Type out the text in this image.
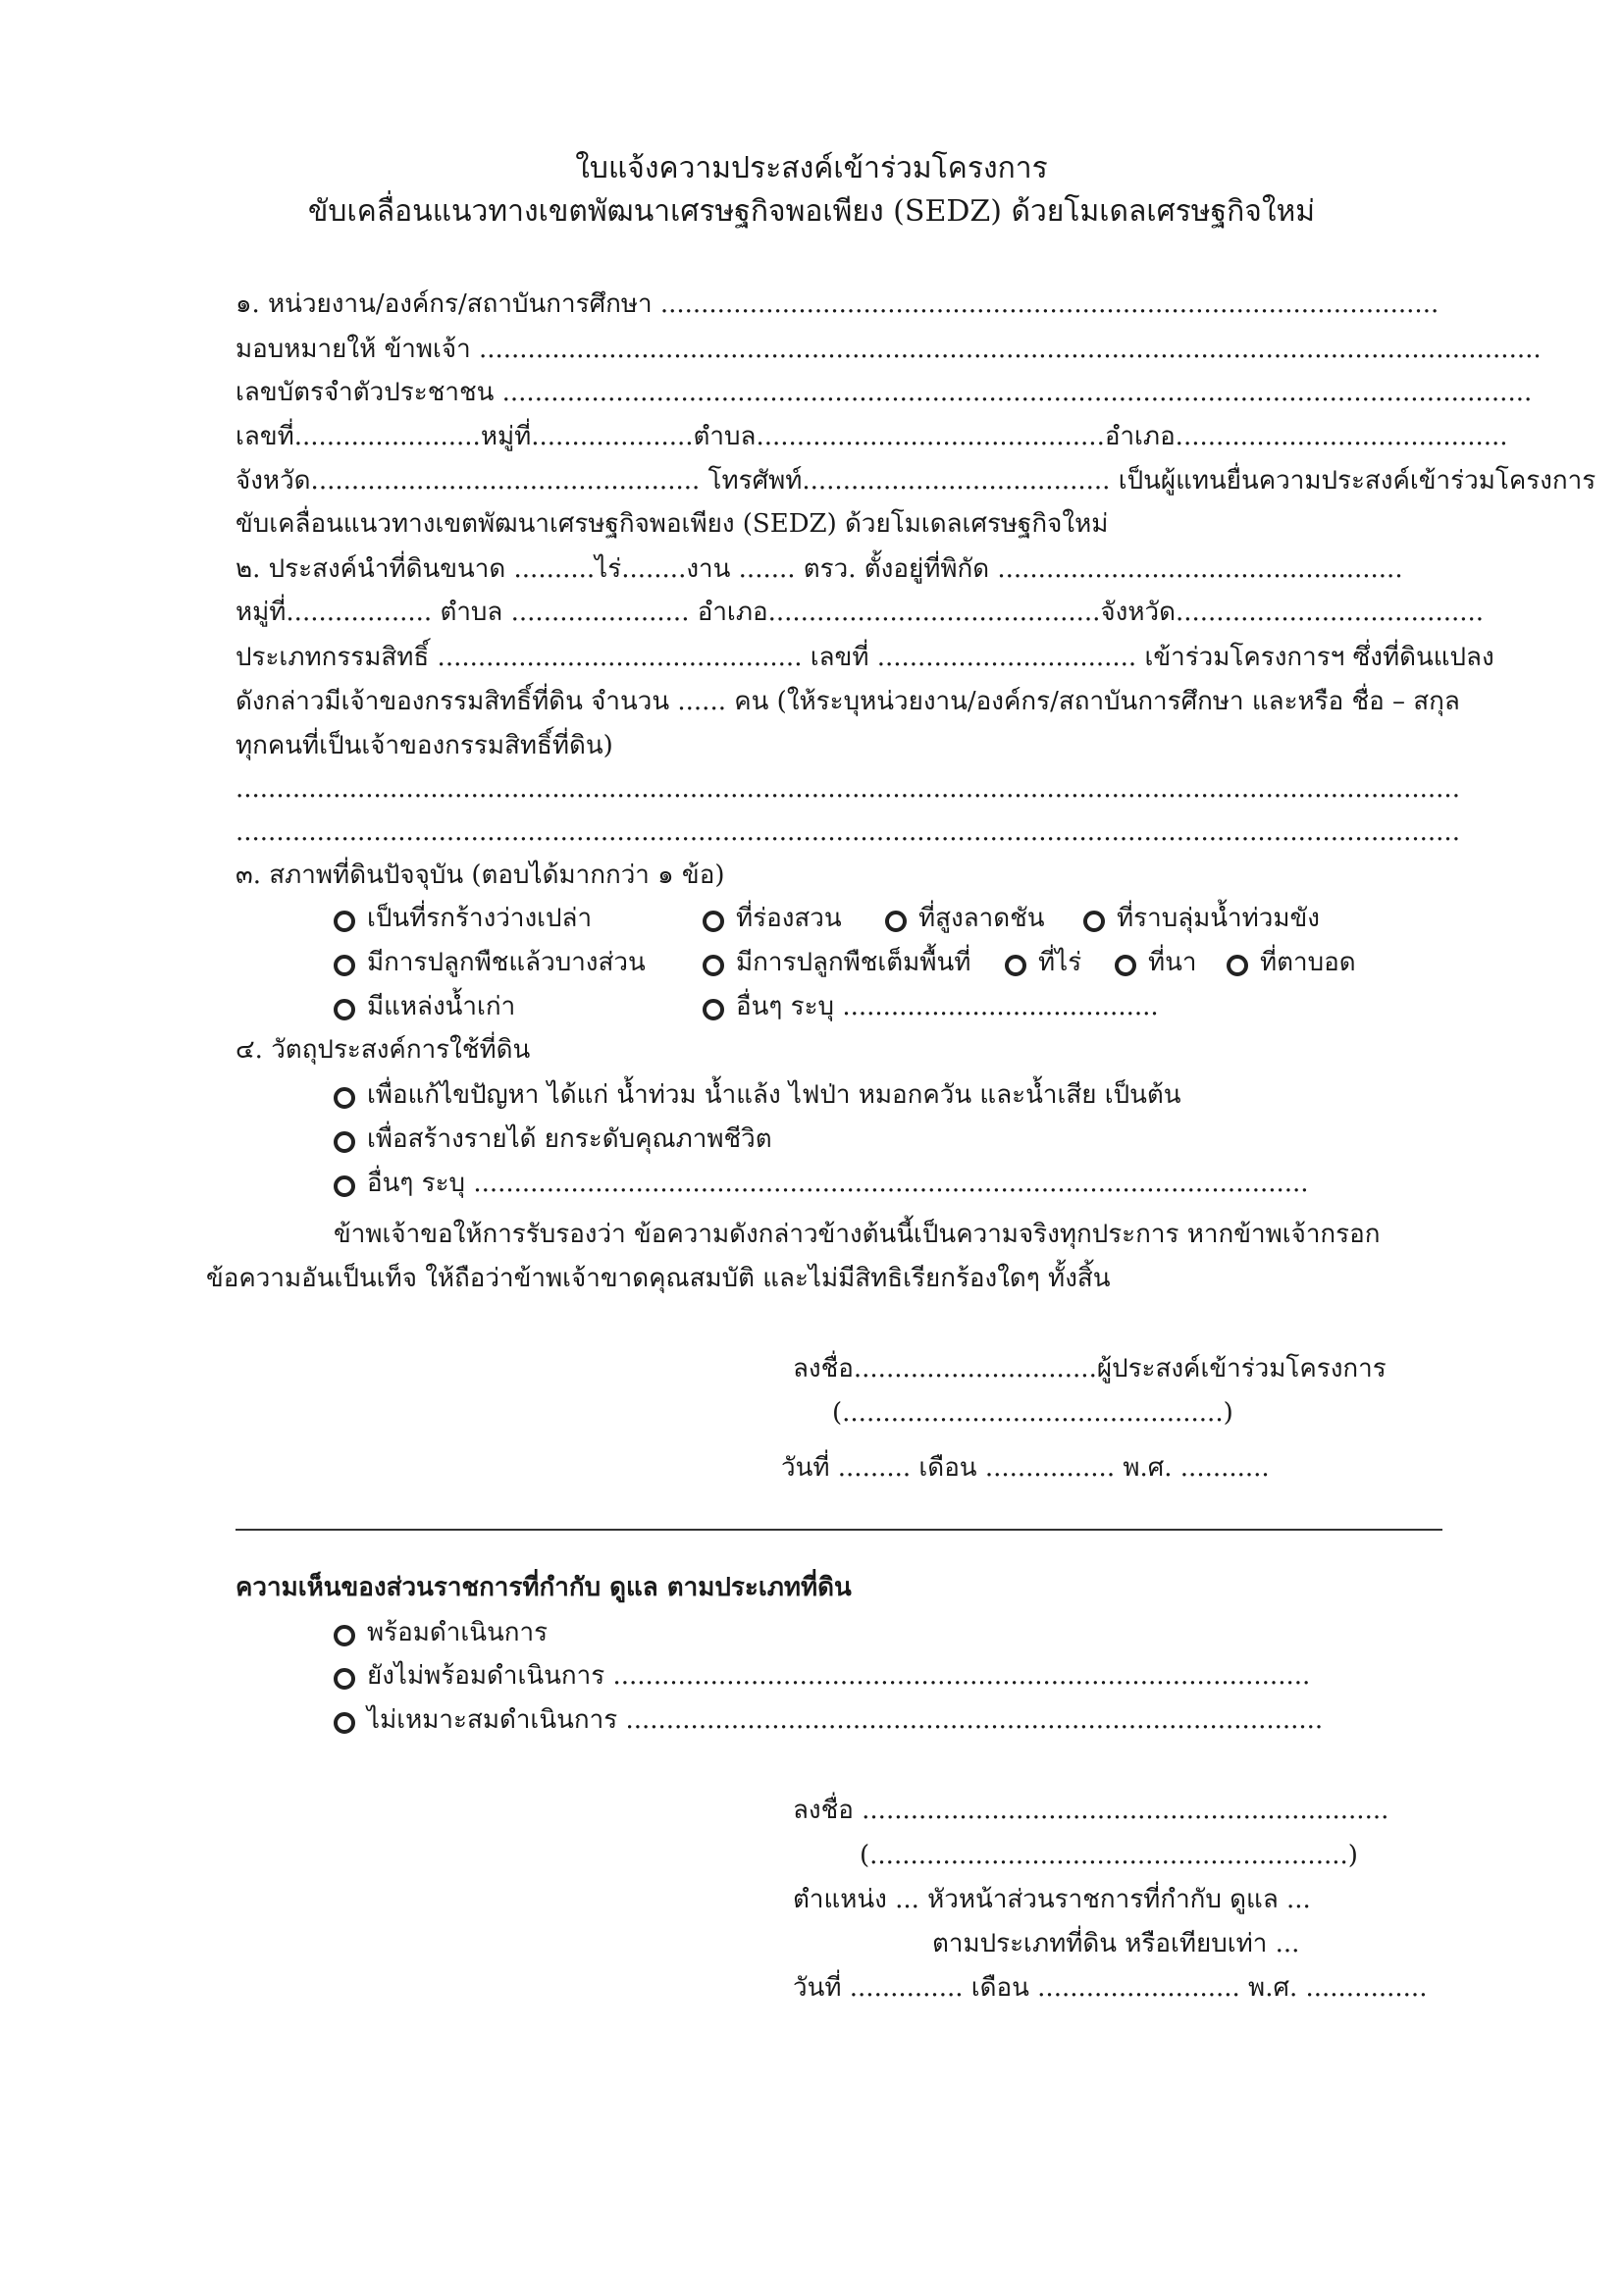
ใบแจ้งความประสงค์เข้าร่วมโครงการ
ขับเคลื่อนแนวทางเขตพัฒนาเศรษฐกิจพอเพียง (SEDZ) ด้วยโมเดลเศรษฐกิจใหม่
๑. หน่วยงาน/องค์กร/สถาบันการศึกษา ................................................................................................
มอบหมายให้ ข้าพเจ้า ...................................................................................................................................
เลขบัตรจำตัวประชาชน ...............................................................................................................................
เลขที่.......................หมู่ที่....................ตำบล...........................................อำเภอ.........................................
จังหวัด................................................ โทรศัพท์...................................... เป็นผู้แทนยื่นความประสงค์เข้าร่วมโครงการ
ขับเคลื่อนแนวทางเขตพัฒนาเศรษฐกิจพอเพียง (SEDZ) ด้วยโมเดลเศรษฐกิจใหม่
๒. ประสงค์นำที่ดินขนาด ..........ไร่........งาน ....... ตรว. ตั้งอยู่ที่พิกัด ..................................................
หมู่ที่.................. ตำบล ...................... อำเภอ.........................................จังหวัด......................................
ประเภทกรรมสิทธิ์ ............................................. เลขที่ ................................ เข้าร่วมโครงการฯ ซึ่งที่ดินแปลง
ดังกล่าวมีเจ้าของกรรมสิทธิ์ที่ดิน จำนวน ...... คน (ให้ระบุหน่วยงาน/องค์กร/สถาบันการศึกษา และหรือ ชื่อ – สกุล
ทุกคนที่เป็นเจ้าของกรรมสิทธิ์ที่ดิน)
.......................................................................................................................................................
.......................................................................................................................................................
๓. สภาพที่ดินปัจจุบัน (ตอบได้มากกว่า ๑ ข้อ)
เป็นที่รกร้างว่างเปล่า	ที่ร่องสวน	ที่สูงลาดชัน	ที่ราบลุ่มน้ำท่วมขัง
มีการปลูกพืชแล้วบางส่วน	มีการปลูกพืชเต็มพื้นที่	ที่ไร่	ที่นา	ที่ตาบอด
มีแหล่งน้ำเก่า	อื่นๆ ระบุ .......................................
๔. วัตถุประสงค์การใช้ที่ดิน
เพื่อแก้ไขปัญหา ได้แก่ น้ำท่วม น้ำแล้ง ไฟป่า หมอกควัน และน้ำเสีย เป็นต้น
เพื่อสร้างรายได้ ยกระดับคุณภาพชีวิต
อื่นๆ ระบุ .......................................................................................................
ข้าพเจ้าขอให้การรับรองว่า ข้อความดังกล่าวข้างต้นนี้เป็นความจริงทุกประการ หากข้าพเจ้ากรอก
ข้อความอันเป็นเท็จ ให้ถือว่าข้าพเจ้าขาดคุณสมบัติ และไม่มีสิทธิเรียกร้องใดๆ ทั้งสิ้น
ลงชื่อ..............................ผู้ประสงค์เข้าร่วมโครงการ
(...............................................)
วันที่ ......... เดือน ................ พ.ศ. ...........
ความเห็นของส่วนราชการที่กำกับ ดูแล ตามประเภทที่ดิน
พร้อมดำเนินการ
ยังไม่พร้อมดำเนินการ ......................................................................................
ไม่เหมาะสมดำเนินการ ......................................................................................
ลงชื่อ .................................................................
(...........................................................)
ตำแหน่ง ... หัวหน้าส่วนราชการที่กำกับ ดูแล ...
ตามประเภทที่ดิน หรือเทียบเท่า ...
วันที่ .............. เดือน ......................... พ.ศ. ...............
